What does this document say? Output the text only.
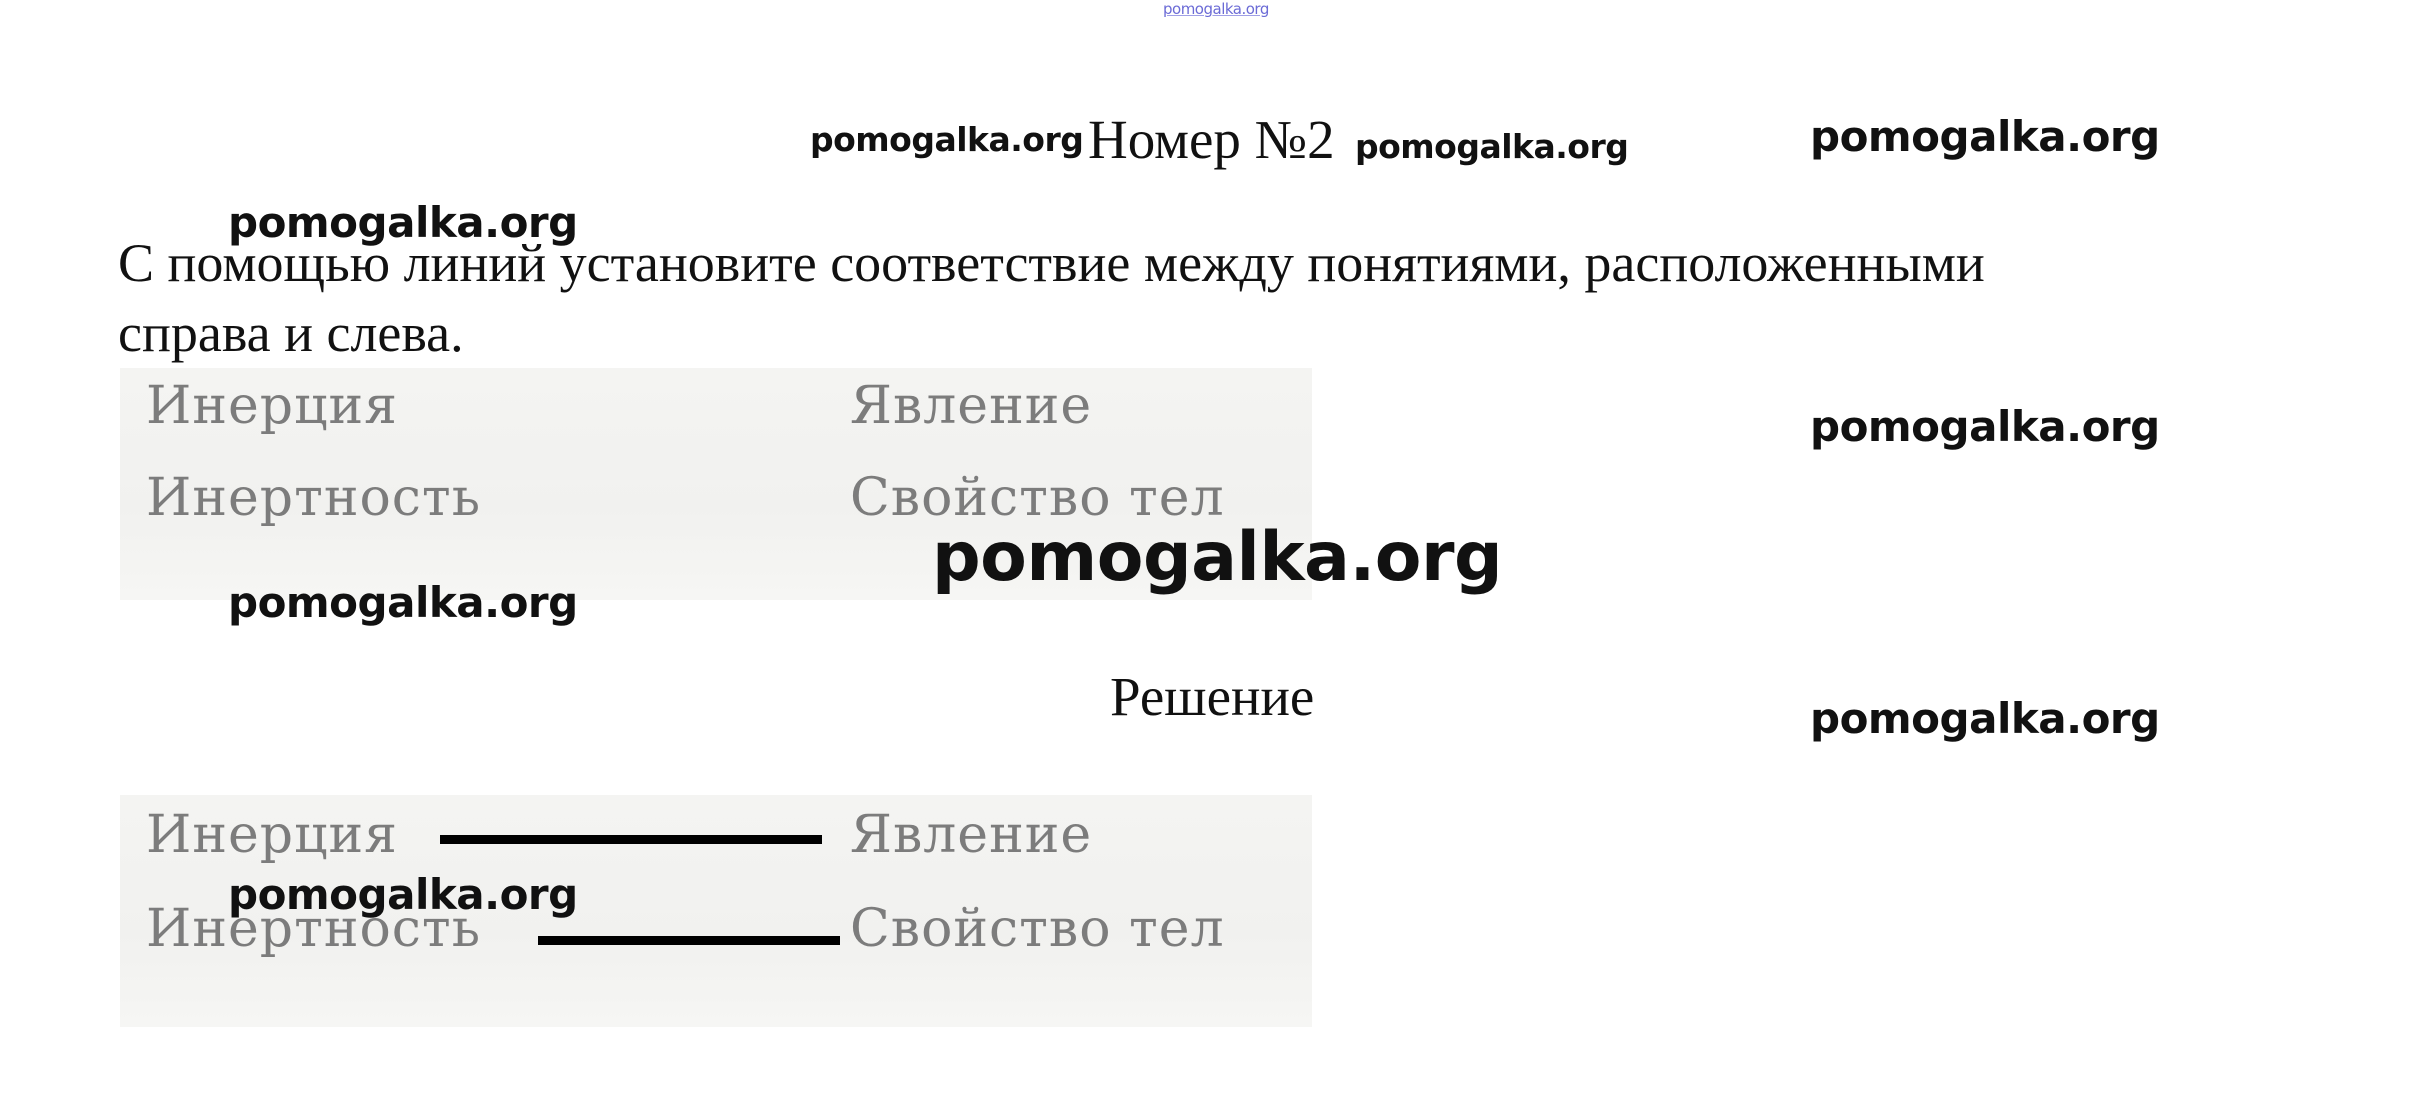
pomogalka.org
pomogalka.org Номер №2 pomogalka.org	pomogalka.org
С помощью линий установите соответствие между понятиями, расположенными
справа и слева.
pomogalka.org
Инерция
Инертность
Явление
Свойство тел
pomogalka.org
pomogalka.org
pomogalka.org
Решение	pomogalka.org
Инерция
Инертность
Явление
Свойство тел
pomogalka.org
